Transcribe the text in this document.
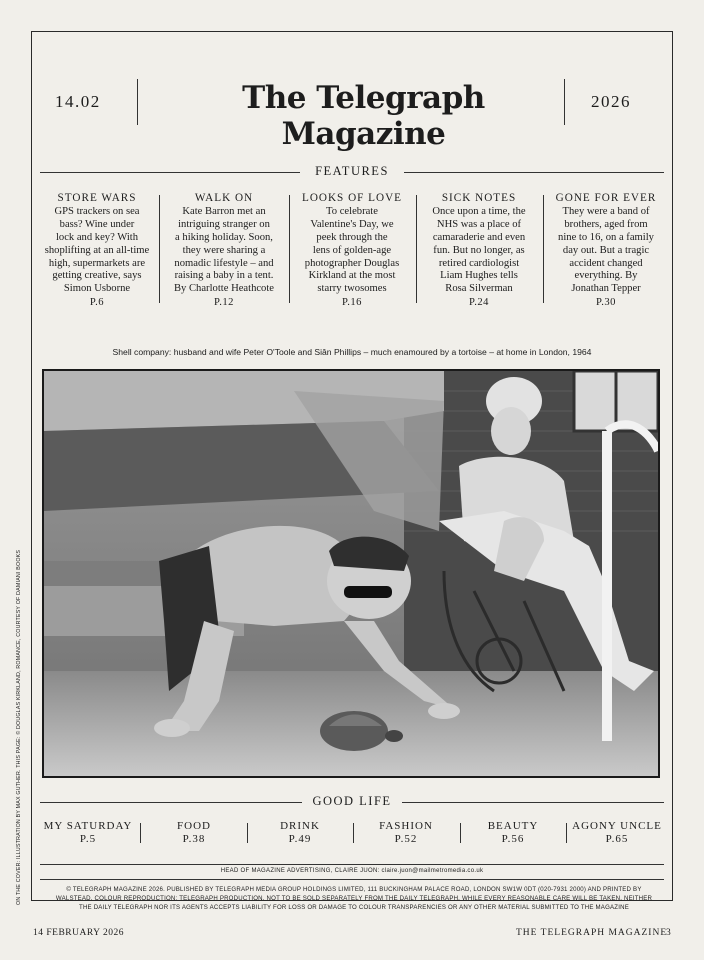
14.02	The Telegraph Magazine
2026
FEATURES
STORE WARS
GPS trackers on sea
bass? Wine under
lock and key? With
shoplifting at an all-time
high, supermarkets are
getting creative, says
Simon Usborne
P.6
WALK ON
Kate Barron met an
intriguing stranger on
a hiking holiday. Soon,
they were sharing a
nomadic lifestyle – and
raising a baby in a tent.
By Charlotte Heathcote
P.12
LOOKS OF LOVE
To celebrate
Valentine's Day, we
peek through the
lens of golden-age
photographer Douglas
Kirkland at the most
starry twosomes
P.16
SICK NOTES
Once upon a time, the
NHS was a place of
camaraderie and even
fun. But no longer, as
retired cardiologist
Liam Hughes tells
Rosa Silverman
P.24
GONE FOR EVER
They were a band of
brothers, aged from
nine to 16, on a family
day out. But a tragic
accident changed
everything. By
Jonathan Tepper
P.30
Shell company: husband and wife Peter O'Toole and Siân Phillips – much enamoured by a tortoise – at home in London, 1964
GOOD LIFE
MY SATURDAY
P.5
FOOD
P.38
DRINK
P.49
FASHION
P.52
BEAUTY
P.56
AGONY UNCLE
P.65
HEAD OF MAGAZINE ADVERTISING, CLAIRE JUON: claire.juon@mailmetromedia.co.uk
© TELEGRAPH MAGAZINE 2026. PUBLISHED BY TELEGRAPH MEDIA GROUP HOLDINGS LIMITED, 111 BUCKINGHAM PALACE ROAD, LONDON SW1W 0DT (020-7931 2000) AND PRINTED BY
WALSTEAD. COLOUR REPRODUCTION: TELEGRAPH PRODUCTION. NOT TO BE SOLD SEPARATELY FROM THE DAILY TELEGRAPH. WHILE EVERY REASONABLE CARE WILL BE TAKEN, NEITHER
THE DAILY TELEGRAPH NOR ITS AGENTS ACCEPTS LIABILITY FOR LOSS OR DAMAGE TO COLOUR TRANSPARENCIES OR ANY OTHER MATERIAL SUBMITTED TO THE MAGAZINE
ON THE COVER: ILLUSTRATION BY MAX GUTHER. THIS PAGE: © DOUGLAS KIRKLAND, ROMANCE, COURTESY OF DAMIANI BOOKS
14 FEBRUARY 2026	THE TELEGRAPH MAGAZINE
3
